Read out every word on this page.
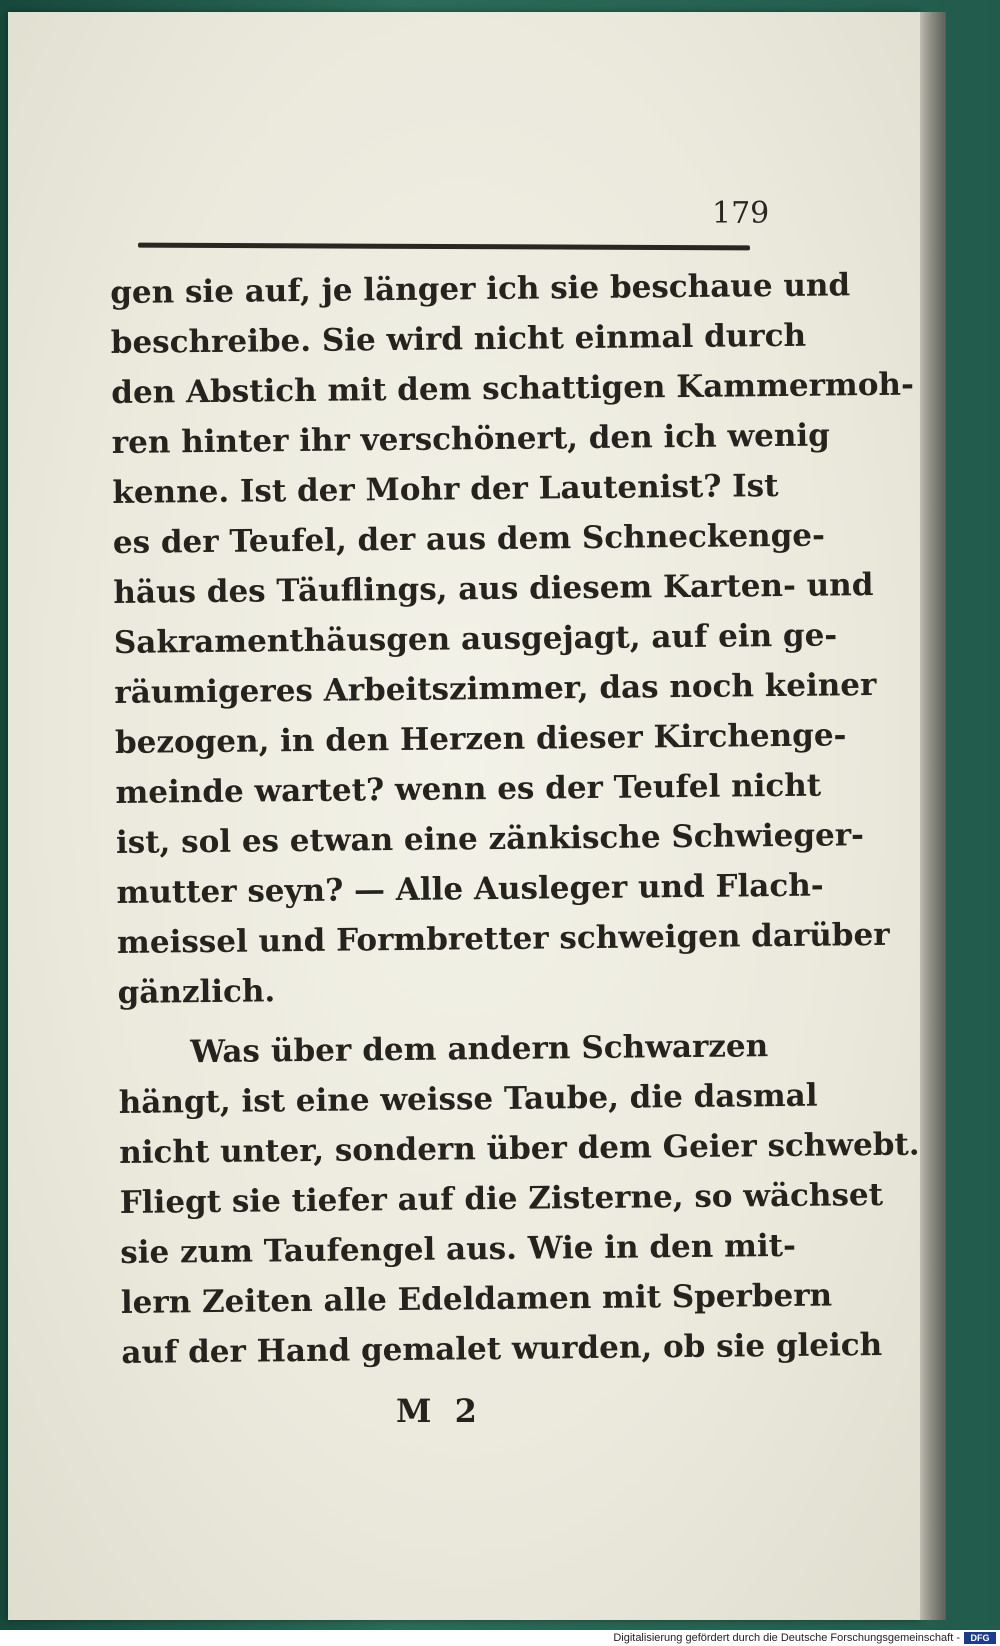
179

gen sie auf, je länger ich sie beschaue und
beschreibe. Sie wird nicht einmal durch
den Abstich mit dem schattigen Kammermoh-
ren hinter ihr verschönert, den ich wenig
kenne. Ist der Mohr der Lautenist? Ist
es der Teufel, der aus dem Schneckenge-
häus des Täuflings, aus diesem Karten- und
Sakramenthäusgen ausgejagt, auf ein ge-
räumigeres Arbeitszimmer, das noch keiner
bezogen, in den Herzen dieser Kirchenge-
meinde wartet? wenn es der Teufel nicht
ist, sol es etwan eine zänkische Schwieger-
mutter seyn? — Alle Ausleger und Flach-
meissel und Formbretter schweigen darüber
gänzlich.

Was über dem andern Schwarzen
hängt, ist eine weisse Taube, die dasmal
nicht unter, sondern über dem Geier schwebt.
Fliegt sie tiefer auf die Zisterne, so wächset
sie zum Taufengel aus. Wie in den mit-
lern Zeiten alle Edeldamen mit Sperbern
auf der Hand gemalet wurden, ob sie gleich

M 2
Digitalisierung gefördert durch die Deutsche Forschungsgemeinschaft -	DFG
